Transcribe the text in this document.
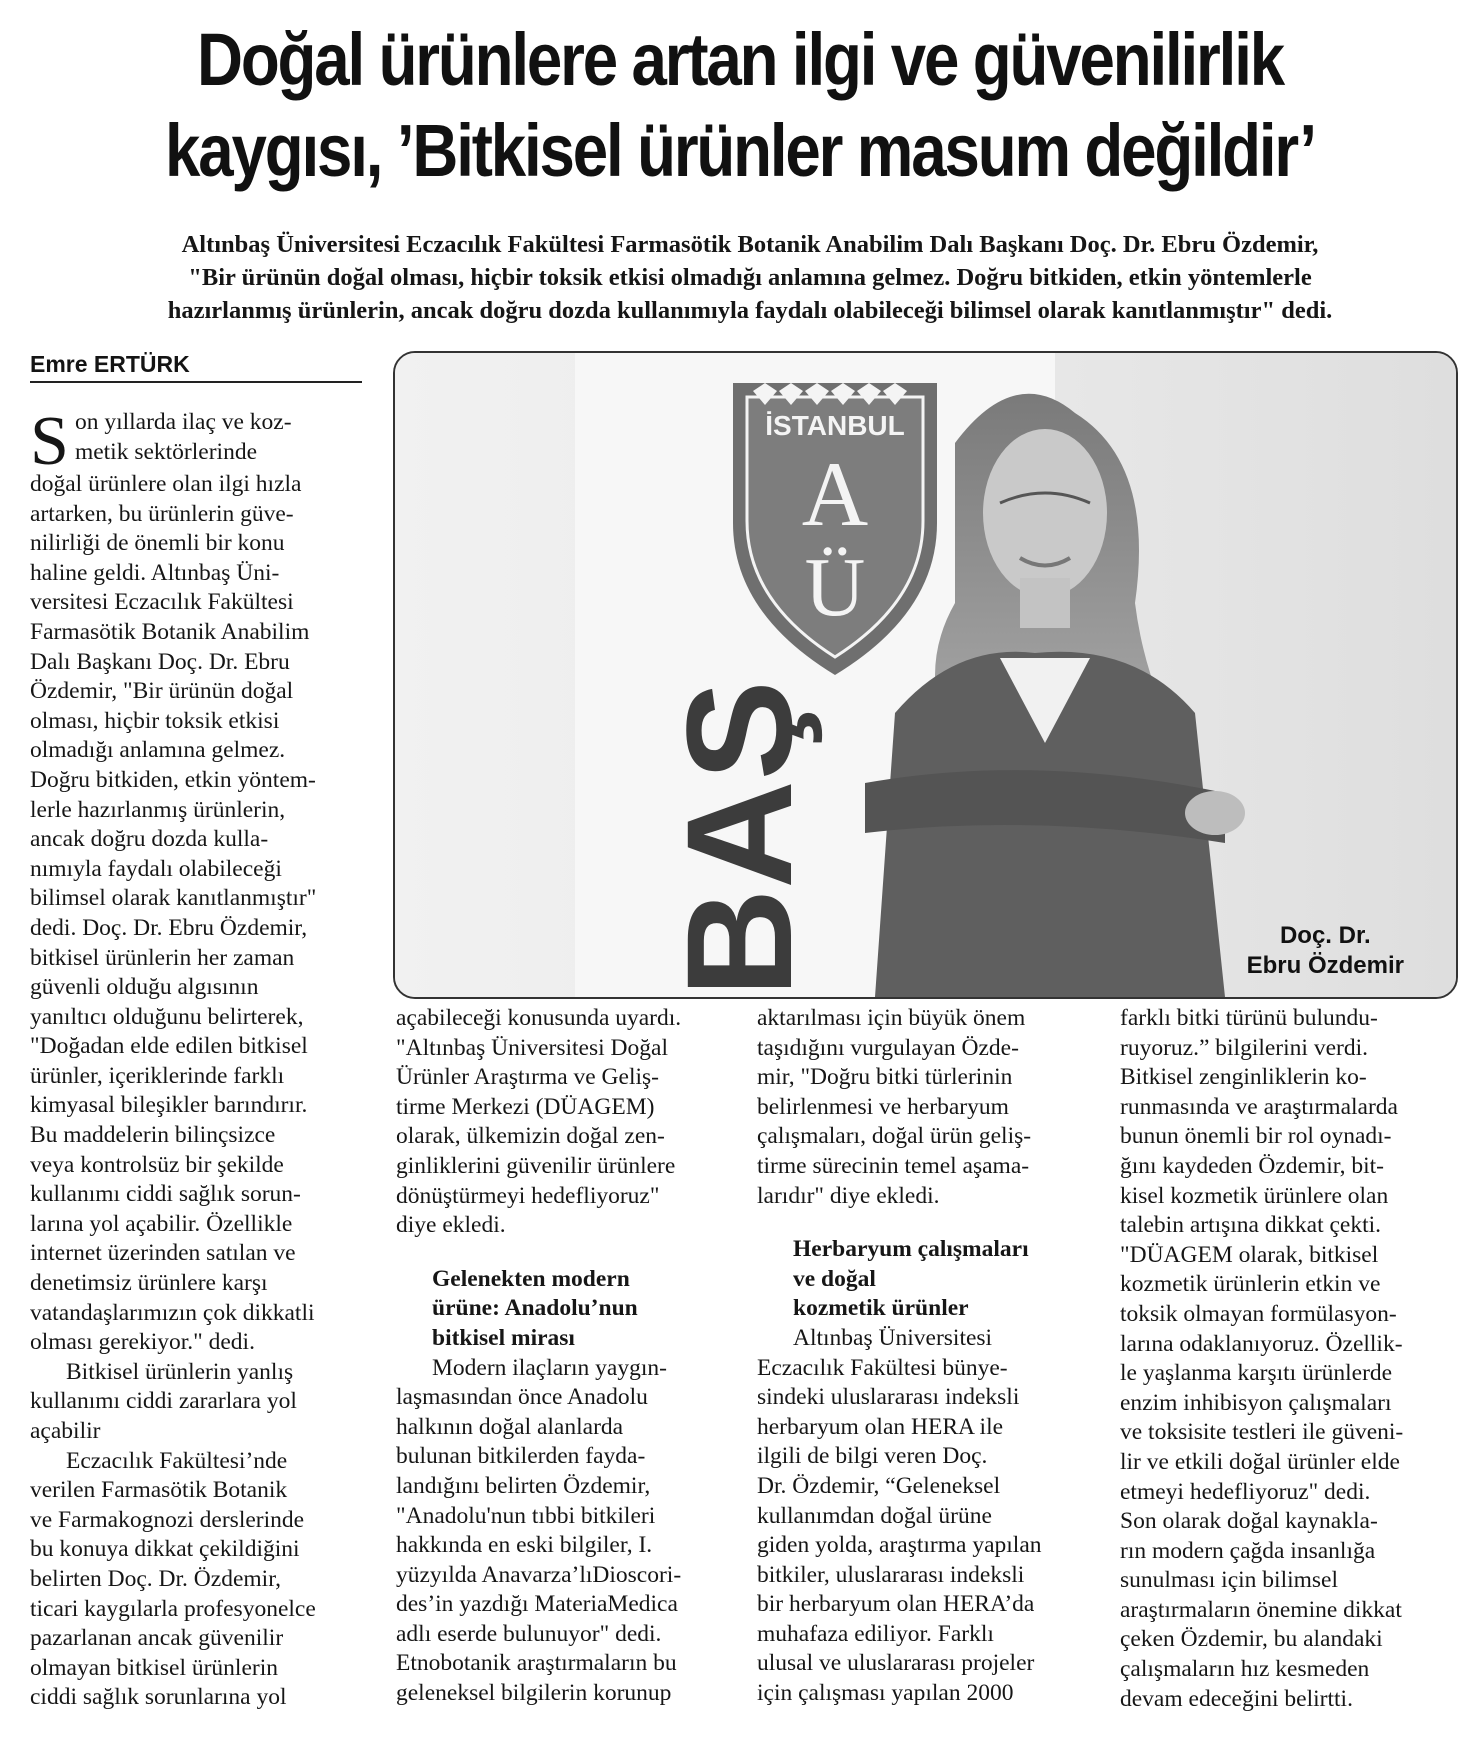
Doğal ürünlere artan ilgi ve güvenilirlik
kaygısı, ’Bitkisel ürünler masum değildir’
Altınbaş Üniversitesi Eczacılık Fakültesi Farmasötik Botanik Anabilim Dalı Başkanı Doç. Dr. Ebru Özdemir,
"Bir ürünün doğal olması, hiçbir toksik etkisi olmadığı anlamına gelmez. Doğru bitkiden, etkin yöntemlerle
hazırlanmış ürünlerin, ancak doğru dozda kullanımıyla faydalı olabileceği bilimsel olarak kanıtlanmıştır" dedi.
Emre ERTÜRK
İSTANBUL
A
Ü
BAŞ	Doç. Dr.
Ebru Özdemir
S on yıllarda ilaç ve koz-
metik sektörlerinde
doğal ürünlere olan ilgi hızla
artarken, bu ürünlerin güve-
nilirliği de önemli bir konu
haline geldi. Altınbaş Üni-
versitesi Eczacılık Fakültesi
Farmasötik Botanik Anabilim
Dalı Başkanı Doç. Dr. Ebru
Özdemir, "Bir ürünün doğal
olması, hiçbir toksik etkisi
olmadığı anlamına gelmez.
Doğru bitkiden, etkin yöntem-
lerle hazırlanmış ürünlerin,
ancak doğru dozda kulla-
nımıyla faydalı olabileceği
bilimsel olarak kanıtlanmıştır"
dedi. Doç. Dr. Ebru Özdemir,
bitkisel ürünlerin her zaman
güvenli olduğu algısının
yanıltıcı olduğunu belirterek,
"Doğadan elde edilen bitkisel
ürünler, içeriklerinde farklı
kimyasal bileşikler barındırır.
Bu maddelerin bilinçsizce
veya kontrolsüz bir şekilde
kullanımı ciddi sağlık sorun-
larına yol açabilir. Özellikle
internet üzerinden satılan ve
denetimsiz ürünlere karşı
vatandaşlarımızın çok dikkatli
olması gerekiyor." dedi.
Bitkisel ürünlerin yanlış
kullanımı ciddi zararlara yol
açabilir
Eczacılık Fakültesi’nde
verilen Farmasötik Botanik
ve Farmakognozi derslerinde
bu konuya dikkat çekildiğini
belirten Doç. Dr. Özdemir,
ticari kaygılarla profesyonelce
pazarlanan ancak güvenilir
olmayan bitkisel ürünlerin
ciddi sağlık sorunlarına yol
açabileceği konusunda uyardı.
"Altınbaş Üniversitesi Doğal
Ürünler Araştırma ve Geliş-
tirme Merkezi (DÜAGEM)
olarak, ülkemizin doğal zen-
ginliklerini güvenilir ürünlere
dönüştürmeyi hedefliyoruz"
diye ekledi.
Gelenekten modern
ürüne: Anadolu’nun
bitkisel mirası
Modern ilaçların yaygın-
laşmasından önce Anadolu
halkının doğal alanlarda
bulunan bitkilerden fayda-
landığını belirten Özdemir,
"Anadolu'nun tıbbi bitkileri
hakkında en eski bilgiler, I.
yüzyılda Anavarza’lıDioscori-
des’in yazdığı MateriaMedica
adlı eserde bulunuyor" dedi.
Etnobotanik araştırmaların bu
geleneksel bilgilerin korunup
aktarılması için büyük önem
taşıdığını vurgulayan Özde-
mir, "Doğru bitki türlerinin
belirlenmesi ve herbaryum
çalışmaları, doğal ürün geliş-
tirme sürecinin temel aşama-
larıdır" diye ekledi.
Herbaryum çalışmaları
ve doğal
kozmetik ürünler
Altınbaş Üniversitesi
Eczacılık Fakültesi bünye-
sindeki uluslararası indeksli
herbaryum olan HERA ile
ilgili de bilgi veren Doç.
Dr. Özdemir, “Geleneksel
kullanımdan doğal ürüne
giden yolda, araştırma yapılan
bitkiler, uluslararası indeksli
bir herbaryum olan HERA’da
muhafaza ediliyor. Farklı
ulusal ve uluslararası projeler
için çalışması yapılan 2000
farklı bitki türünü bulundu-
ruyoruz.” bilgilerini verdi.
Bitkisel zenginliklerin ko-
runmasında ve araştırmalarda
bunun önemli bir rol oynadı-
ğını kaydeden Özdemir, bit-
kisel kozmetik ürünlere olan
talebin artışına dikkat çekti.
"DÜAGEM olarak, bitkisel
kozmetik ürünlerin etkin ve
toksik olmayan formülasyon-
larına odaklanıyoruz. Özellik-
le yaşlanma karşıtı ürünlerde
enzim inhibisyon çalışmaları
ve toksisite testleri ile güveni-
lir ve etkili doğal ürünler elde
etmeyi hedefliyoruz" dedi.
Son olarak doğal kaynakla-
rın modern çağda insanlığa
sunulması için bilimsel
araştırmaların önemine dikkat
çeken Özdemir, bu alandaki
çalışmaların hız kesmeden
devam edeceğini belirtti.
